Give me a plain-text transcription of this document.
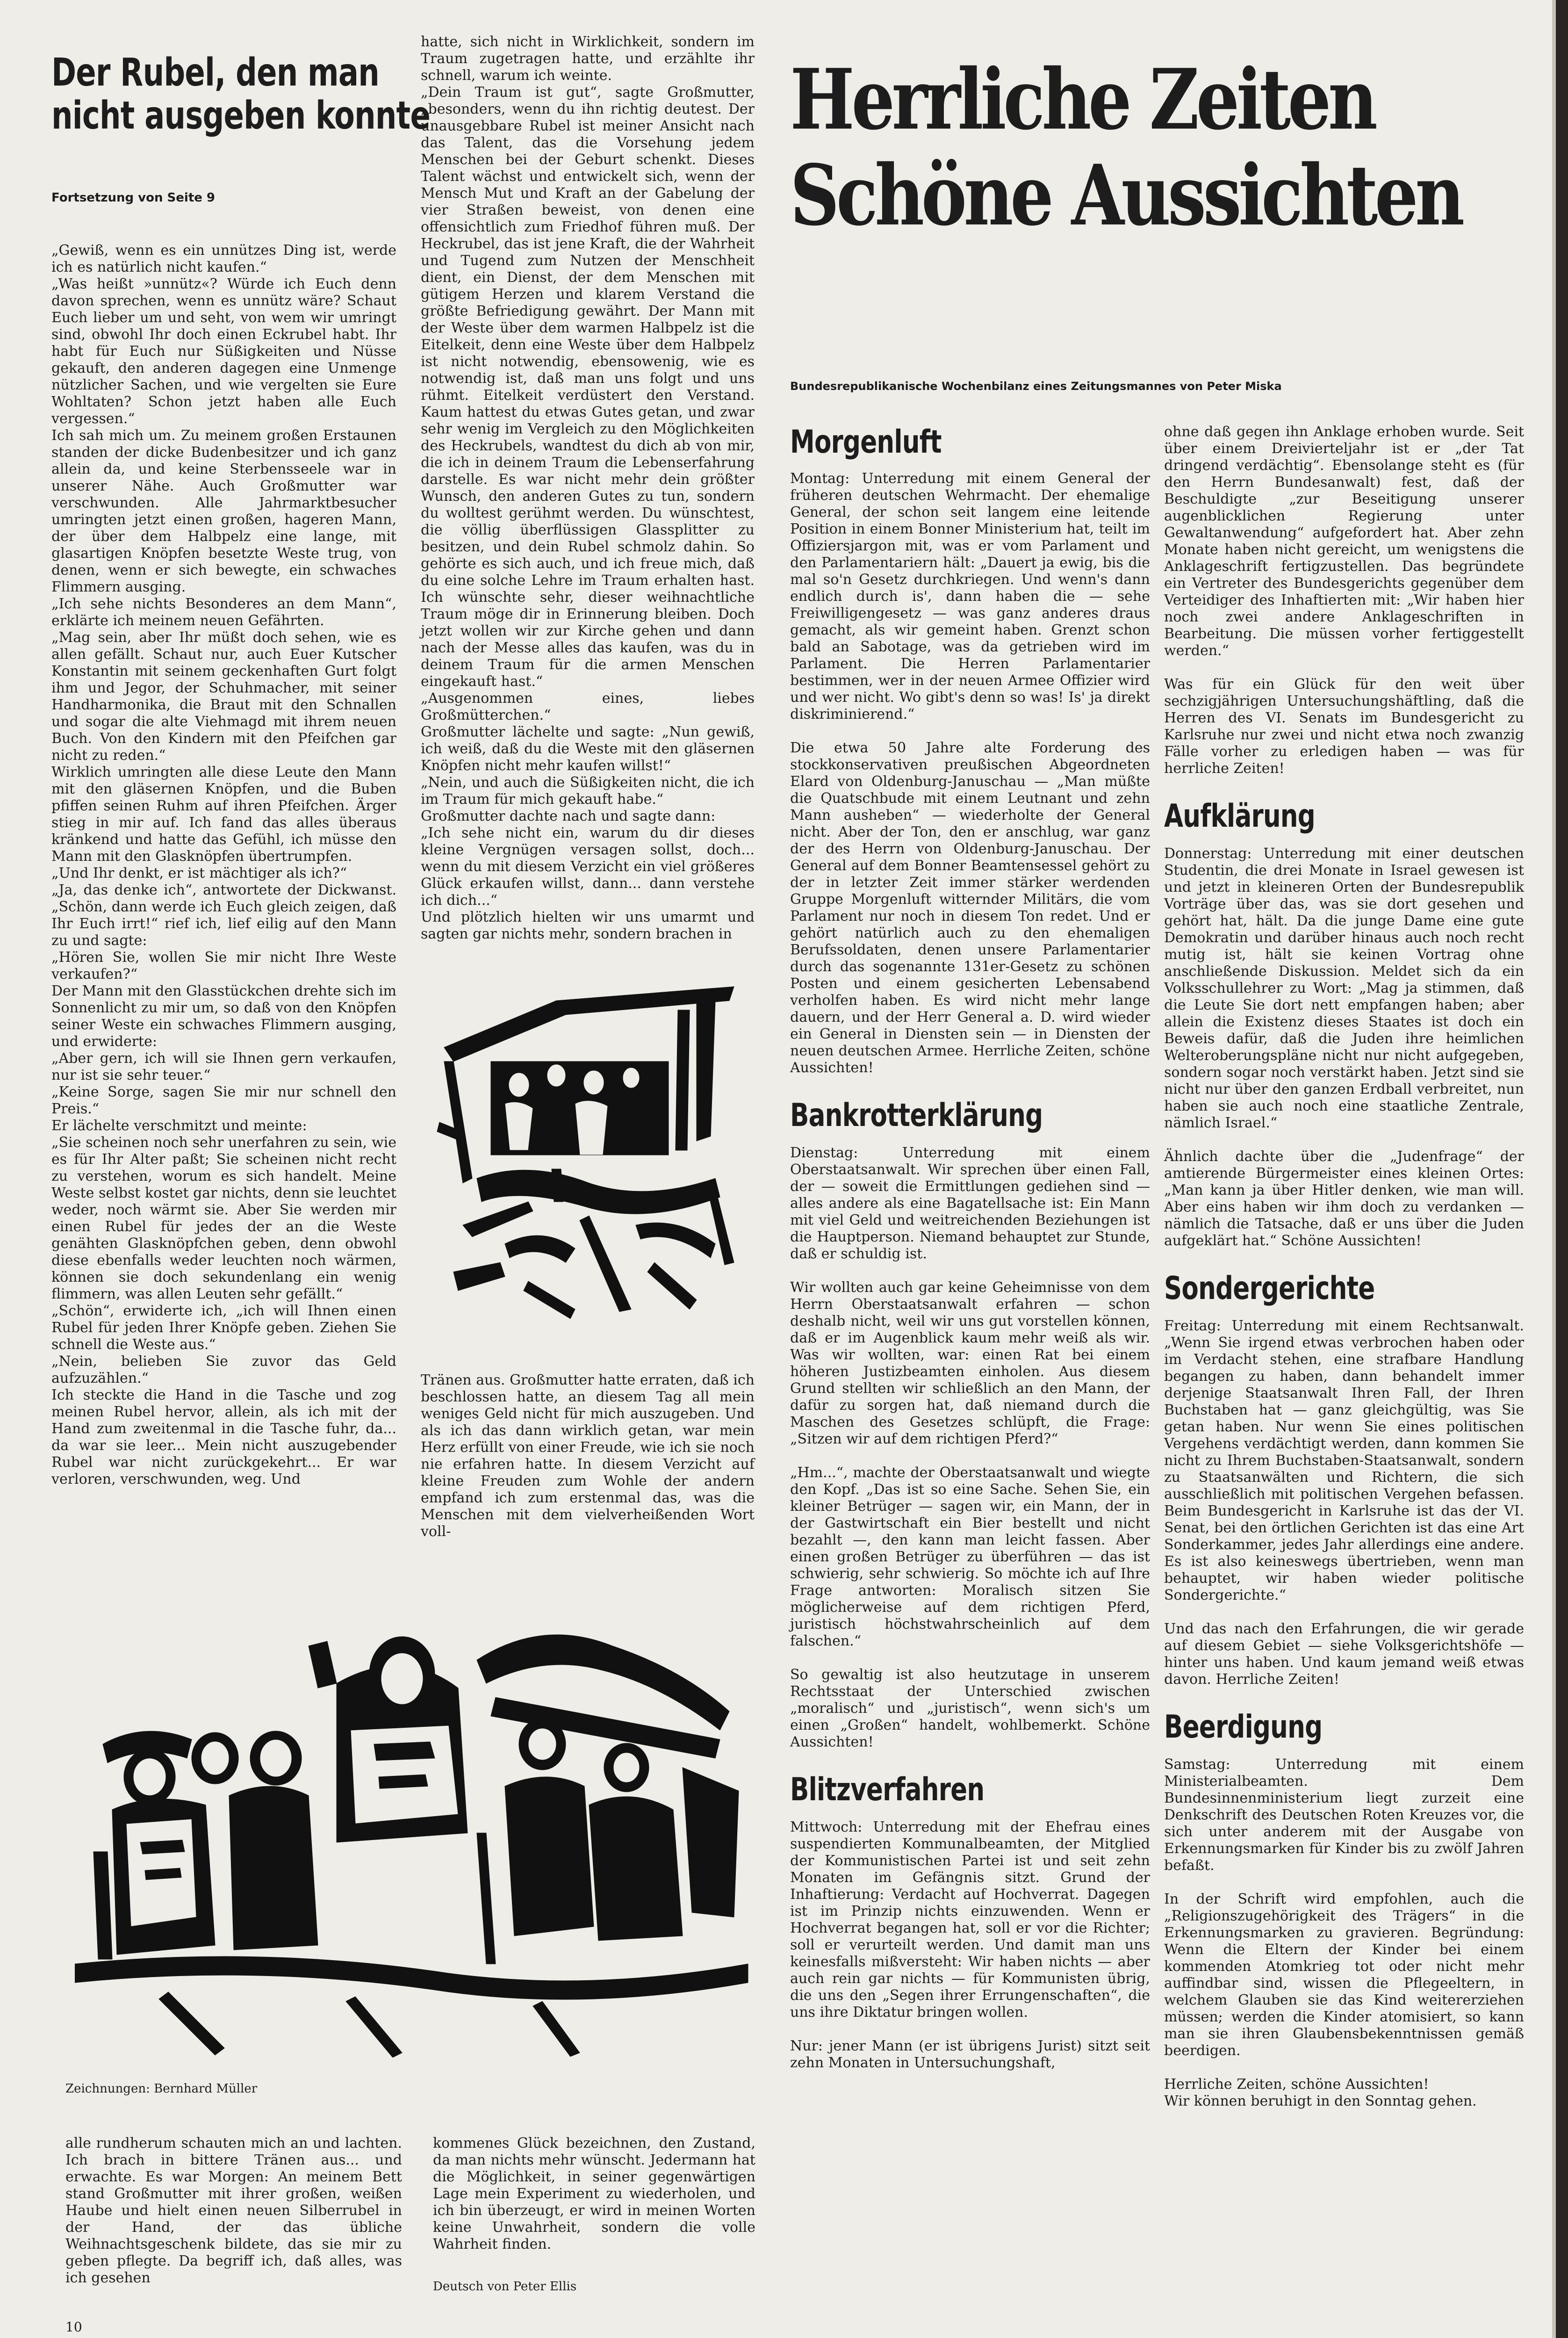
Der Rubel, den man
nicht ausgeben konnte
Fortsetzung von Seite 9

„Gewiß, wenn es ein unnützes Ding ist, werde ich es natürlich nicht kaufen.“

„Was heißt »unnütz«? Würde ich Euch denn davon sprechen, wenn es unnütz wäre? Schaut Euch lieber um und seht, von wem wir umringt sind, obwohl Ihr doch einen Eckrubel habt. Ihr habt für Euch nur Süßigkeiten und Nüsse gekauft, den anderen dagegen eine Unmenge nützlicher Sachen, und wie vergelten sie Eure Wohltaten? Schon jetzt haben alle Euch vergessen.“

Ich sah mich um. Zu meinem großen Erstaunen standen der dicke Budenbesitzer und ich ganz allein da, und keine Sterbensseele war in unserer Nähe. Auch Großmutter war verschwunden. Alle Jahrmarktbesucher umringten jetzt einen großen, hageren Mann, der über dem Halbpelz eine lange, mit glasartigen Knöpfen besetzte Weste trug, von denen, wenn er sich bewegte, ein schwaches Flimmern ausging.

„Ich sehe nichts Besonderes an dem Mann“, erklärte ich meinem neuen Gefährten.

„Mag sein, aber Ihr müßt doch sehen, wie es allen gefällt. Schaut nur, auch Euer Kutscher Konstantin mit seinem geckenhaften Gurt folgt ihm und Jegor, der Schuhmacher, mit seiner Handharmonika, die Braut mit den Schnallen und sogar die alte Viehmagd mit ihrem neuen Buch. Von den Kindern mit den Pfeifchen gar nicht zu reden.“

Wirklich umringten alle diese Leute den Mann mit den gläsernen Knöpfen, und die Buben pfiffen seinen Ruhm auf ihren Pfeifchen. Ärger stieg in mir auf. Ich fand das alles überaus kränkend und hatte das Gefühl, ich müsse den Mann mit den Glasknöpfen übertrumpfen.

„Und Ihr denkt, er ist mächtiger als ich?“

„Ja, das denke ich“, antwortete der Dickwanst. „Schön, dann werde ich Euch gleich zeigen, daß Ihr Euch irrt!“ rief ich, lief eilig auf den Mann zu und sagte:

„Hören Sie, wollen Sie mir nicht Ihre Weste verkaufen?“

Der Mann mit den Glasstückchen drehte sich im Sonnenlicht zu mir um, so daß von den Knöpfen seiner Weste ein schwaches Flimmern ausging, und erwiderte:

„Aber gern, ich will sie Ihnen gern verkaufen, nur ist sie sehr teuer.“

„Keine Sorge, sagen Sie mir nur schnell den Preis.“

Er lächelte verschmitzt und meinte:

„Sie scheinen noch sehr unerfahren zu sein, wie es für Ihr Alter paßt; Sie scheinen nicht recht zu verstehen, worum es sich handelt. Meine Weste selbst kostet gar nichts, denn sie leuchtet weder, noch wärmt sie. Aber Sie werden mir einen Rubel für jedes der an die Weste genähten Glasknöpfchen geben, denn obwohl diese ebenfalls weder leuchten noch wärmen, können sie doch sekundenlang ein wenig flimmern, was allen Leuten sehr gefällt.“

„Schön“, erwiderte ich, „ich will Ihnen einen Rubel für jeden Ihrer Knöpfe geben. Ziehen Sie schnell die Weste aus.“

„Nein, belieben Sie zuvor das Geld aufzuzählen.“

Ich steckte die Hand in die Tasche und zog meinen Rubel hervor, allein, als ich mit der Hand zum zweitenmal in die Tasche fuhr, da... da war sie leer... Mein nicht auszugebender Rubel war nicht zurückgekehrt... Er war verloren, verschwunden, weg. Und

hatte, sich nicht in Wirklichkeit, sondern im Traum zugetragen hatte, und erzählte ihr schnell, warum ich weinte.

„Dein Traum ist gut“, sagte Großmutter, „besonders, wenn du ihn richtig deutest. Der unausgebbare Rubel ist meiner Ansicht nach das Talent, das die Vorsehung jedem Menschen bei der Geburt schenkt. Dieses Talent wächst und entwickelt sich, wenn der Mensch Mut und Kraft an der Gabelung der vier Straßen beweist, von denen eine offensichtlich zum Friedhof führen muß. Der Heckrubel, das ist jene Kraft, die der Wahrheit und Tugend zum Nutzen der Menschheit dient, ein Dienst, der dem Menschen mit gütigem Herzen und klarem Verstand die größte Befriedigung gewährt. Der Mann mit der Weste über dem warmen Halbpelz ist die Eitelkeit, denn eine Weste über dem Halbpelz ist nicht notwendig, ebensowenig, wie es notwendig ist, daß man uns folgt und uns rühmt. Eitelkeit verdüstert den Verstand. Kaum hattest du etwas Gutes getan, und zwar sehr wenig im Vergleich zu den Möglichkeiten des Heckrubels, wandtest du dich ab von mir, die ich in deinem Traum die Lebenserfahrung darstelle. Es war nicht mehr dein größter Wunsch, den anderen Gutes zu tun, sondern du wolltest gerühmt werden. Du wünschtest, die völlig überflüssigen Glassplitter zu besitzen, und dein Rubel schmolz dahin. So gehörte es sich auch, und ich freue mich, daß du eine solche Lehre im Traum erhalten hast. Ich wünschte sehr, dieser weihnachtliche Traum möge dir in Erinnerung bleiben. Doch jetzt wollen wir zur Kirche gehen und dann nach der Messe alles das kaufen, was du in deinem Traum für die armen Menschen eingekauft hast.“

„Ausgenommen eines, liebes Großmütterchen.“

Großmutter lächelte und sagte: „Nun gewiß, ich weiß, daß du die Weste mit den gläsernen Knöpfen nicht mehr kaufen willst!“

„Nein, und auch die Süßigkeiten nicht, die ich im Traum für mich gekauft habe.“

Großmutter dachte nach und sagte dann:

„Ich sehe nicht ein, warum du dir dieses kleine Vergnügen versagen sollst, doch... wenn du mit diesem Verzicht ein viel größeres Glück erkaufen willst, dann... dann verstehe ich dich...“

Und plötzlich hielten wir uns umarmt und sagten gar nichts mehr, sondern brachen in

Tränen aus. Großmutter hatte erraten, daß ich beschlossen hatte, an diesem Tag all mein weniges Geld nicht für mich auszugeben. Und als ich das dann wirklich getan, war mein Herz erfüllt von einer Freude, wie ich sie noch nie erfahren hatte. In diesem Verzicht auf kleine Freuden zum Wohle der andern empfand ich zum erstenmal das, was die Menschen mit dem vielverheißenden Wort voll-

Zeichnungen: Bernhard Müller

alle rundherum schauten mich an und lachten. Ich brach in bittere Tränen aus... und erwachte. Es war Morgen: An meinem Bett stand Großmutter mit ihrer großen, weißen Haube und hielt einen neuen Silberrubel in der Hand, der das übliche Weihnachtsgeschenk bildete, das sie mir zu geben pflegte. Da begriff ich, daß alles, was ich gesehen

kommenes Glück bezeichnen, den Zustand, da man nichts mehr wünscht. Jedermann hat die Möglichkeit, in seiner gegenwärtigen Lage mein Experiment zu wiederholen, und ich bin überzeugt, er wird in meinen Worten keine Unwahrheit, sondern die volle Wahrheit finden.

Deutsch von Peter Ellis

10
Herrliche Zeiten
Schöne Aussichten
Bundesrepublikanische Wochenbilanz eines Zeitungsmannes von Peter Miska
Morgenluft

Montag: Unterredung mit einem General der früheren deutschen Wehrmacht. Der ehemalige General, der schon seit langem eine leitende Position in einem Bonner Ministerium hat, teilt im Offiziersjargon mit, was er vom Parlament und den Parlamentariern hält: „Dauert ja ewig, bis die mal so'n Gesetz durchkriegen. Und wenn's dann endlich durch is', dann haben die — sehe Freiwilligengesetz — was ganz anderes draus gemacht, als wir gemeint haben. Grenzt schon bald an Sabotage, was da getrieben wird im Parlament. Die Herren Parlamentarier bestimmen, wer in der neuen Armee Offizier wird und wer nicht. Wo gibt's denn so was! Is' ja direkt diskriminierend.“

Die etwa 50 Jahre alte Forderung des stockkonservativen preußischen Abgeordneten Elard von Oldenburg-Januschau — „Man müßte die Quatschbude mit einem Leutnant und zehn Mann ausheben“ — wiederholte der General nicht. Aber der Ton, den er anschlug, war ganz der des Herrn von Oldenburg-Januschau. Der General auf dem Bonner Beamtensessel gehört zu der in letzter Zeit immer stärker werdenden Gruppe Morgenluft witternder Militärs, die vom Parlament nur noch in diesem Ton redet. Und er gehört natürlich auch zu den ehemaligen Berufssoldaten, denen unsere Parlamentarier durch das sogenannte 131er-Gesetz zu schönen Posten und einem gesicherten Lebensabend verholfen haben. Es wird nicht mehr lange dauern, und der Herr General a. D. wird wieder ein General in Diensten sein — in Diensten der neuen deutschen Armee. Herrliche Zeiten, schöne Aussichten!

Bankrotterklärung

Dienstag: Unterredung mit einem Oberstaatsanwalt. Wir sprechen über einen Fall, der — soweit die Ermittlungen gediehen sind — alles andere als eine Bagatellsache ist: Ein Mann mit viel Geld und weitreichenden Beziehungen ist die Hauptperson. Niemand behauptet zur Stunde, daß er schuldig ist.

Wir wollten auch gar keine Geheimnisse von dem Herrn Oberstaatsanwalt erfahren — schon deshalb nicht, weil wir uns gut vorstellen können, daß er im Augenblick kaum mehr weiß als wir. Was wir wollten, war: einen Rat bei einem höheren Justizbeamten einholen. Aus diesem Grund stellten wir schließlich an den Mann, der dafür zu sorgen hat, daß niemand durch die Maschen des Gesetzes schlüpft, die Frage: „Sitzen wir auf dem richtigen Pferd?“

„Hm...“, machte der Oberstaatsanwalt und wiegte den Kopf. „Das ist so eine Sache. Sehen Sie, ein kleiner Betrüger — sagen wir, ein Mann, der in der Gastwirtschaft ein Bier bestellt und nicht bezahlt —, den kann man leicht fassen. Aber einen großen Betrüger zu überführen — das ist schwierig, sehr schwierig. So möchte ich auf Ihre Frage antworten: Moralisch sitzen Sie möglicherweise auf dem richtigen Pferd, juristisch höchstwahrscheinlich auf dem falschen.“

So gewaltig ist also heutzutage in unserem Rechtsstaat der Unterschied zwischen „moralisch“ und „juristisch“, wenn sich's um einen „Großen“ handelt, wohlbemerkt. Schöne Aussichten!

Blitzverfahren

Mittwoch: Unterredung mit der Ehefrau eines suspendierten Kommunalbeamten, der Mitglied der Kommunistischen Partei ist und seit zehn Monaten im Gefängnis sitzt. Grund der Inhaftierung: Verdacht auf Hochverrat. Dagegen ist im Prinzip nichts einzuwenden. Wenn er Hochverrat begangen hat, soll er vor die Richter; soll er verurteilt werden. Und damit man uns keinesfalls mißversteht: Wir haben nichts — aber auch rein gar nichts — für Kommunisten übrig, die uns den „Segen ihrer Errungenschaften“, die uns ihre Diktatur bringen wollen.

Nur: jener Mann (er ist übrigens Jurist) sitzt seit zehn Monaten in Untersuchungshaft,

ohne daß gegen ihn Anklage erhoben wurde. Seit über einem Dreivierteljahr ist er „der Tat dringend verdächtig“. Ebensolange steht es (für den Herrn Bundesanwalt) fest, daß der Beschuldigte „zur Beseitigung unserer augenblicklichen Regierung unter Gewaltanwendung“ aufgefordert hat. Aber zehn Monate haben nicht gereicht, um wenigstens die Anklageschrift fertigzustellen. Das begründete ein Vertreter des Bundesgerichts gegenüber dem Verteidiger des Inhaftierten mit: „Wir haben hier noch zwei andere Anklageschriften in Bearbeitung. Die müssen vorher fertiggestellt werden.“

Was für ein Glück für den weit über sechzigjährigen Untersuchungshäftling, daß die Herren des VI. Senats im Bundesgericht zu Karlsruhe nur zwei und nicht etwa noch zwanzig Fälle vorher zu erledigen haben — was für herrliche Zeiten!

Aufklärung

Donnerstag: Unterredung mit einer deutschen Studentin, die drei Monate in Israel gewesen ist und jetzt in kleineren Orten der Bundesrepublik Vorträge über das, was sie dort gesehen und gehört hat, hält. Da die junge Dame eine gute Demokratin und darüber hinaus auch noch recht mutig ist, hält sie keinen Vortrag ohne anschließende Diskussion. Meldet sich da ein Volksschullehrer zu Wort: „Mag ja stimmen, daß die Leute Sie dort nett empfangen haben; aber allein die Existenz dieses Staates ist doch ein Beweis dafür, daß die Juden ihre heimlichen Welteroberungspläne nicht nur nicht aufgegeben, sondern sogar noch verstärkt haben. Jetzt sind sie nicht nur über den ganzen Erdball verbreitet, nun haben sie auch noch eine staatliche Zentrale, nämlich Israel.“

Ähnlich dachte über die „Judenfrage“ der amtierende Bürgermeister eines kleinen Ortes: „Man kann ja über Hitler denken, wie man will. Aber eins haben wir ihm doch zu verdanken — nämlich die Tatsache, daß er uns über die Juden aufgeklärt hat.“ Schöne Aussichten!

Sondergerichte

Freitag: Unterredung mit einem Rechtsanwalt. „Wenn Sie irgend etwas verbrochen haben oder im Verdacht stehen, eine strafbare Handlung begangen zu haben, dann behandelt immer derjenige Staatsanwalt Ihren Fall, der Ihren Buchstaben hat — ganz gleichgültig, was Sie getan haben. Nur wenn Sie eines politischen Vergehens verdächtigt werden, dann kommen Sie nicht zu Ihrem Buchstaben-Staatsanwalt, sondern zu Staatsanwälten und Richtern, die sich ausschließlich mit politischen Vergehen befassen. Beim Bundesgericht in Karlsruhe ist das der VI. Senat, bei den örtlichen Gerichten ist das eine Art Sonderkammer, jedes Jahr allerdings eine andere. Es ist also keineswegs übertrieben, wenn man behauptet, wir haben wieder politische Sondergerichte.“

Und das nach den Erfahrungen, die wir gerade auf diesem Gebiet — siehe Volksgerichtshöfe — hinter uns haben. Und kaum jemand weiß etwas davon. Herrliche Zeiten!

Beerdigung

Samstag: Unterredung mit einem Ministerialbeamten. Dem Bundesinnenministerium liegt zurzeit eine Denkschrift des Deutschen Roten Kreuzes vor, die sich unter anderem mit der Ausgabe von Erkennungsmarken für Kinder bis zu zwölf Jahren befaßt.

In der Schrift wird empfohlen, auch die „Religionszugehörigkeit des Trägers“ in die Erkennungsmarken zu gravieren. Begründung: Wenn die Eltern der Kinder bei einem kommenden Atomkrieg tot oder nicht mehr auffindbar sind, wissen die Pflegeeltern, in welchem Glauben sie das Kind weitererziehen müssen; werden die Kinder atomisiert, so kann man sie ihren Glaubensbekenntnissen gemäß beerdigen.

Herrliche Zeiten, schöne Aussichten!

Wir können beruhigt in den Sonntag gehen.
